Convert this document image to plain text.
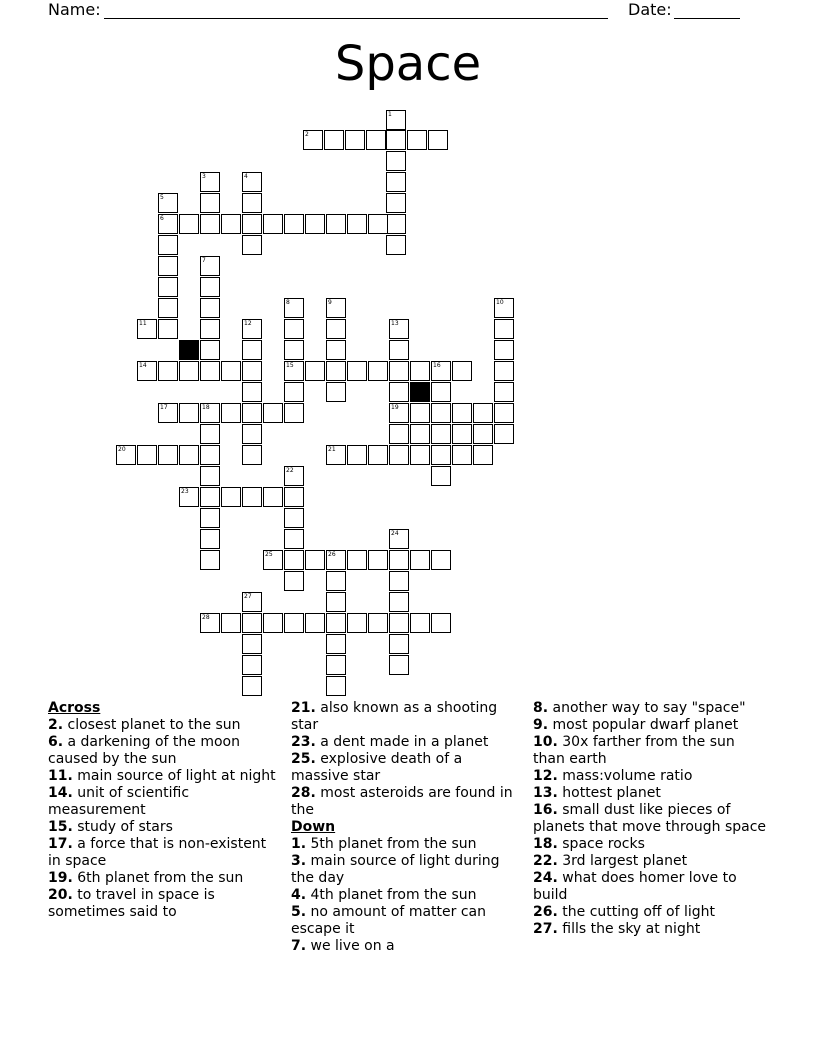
Name:	Date:
Space
1
2
3	4
5
6
7
8	9	10
11	12	13
14	15	16
17	18	19
20	21
22
23
24
25	26
27
28
Across
2. closest planet to the sun
6. a darkening of the moon caused by the sun
11. main source of light at night
14. unit of scientific measurement
15. study of stars
17. a force that is non-existent in space
19. 6th planet from the sun
20. to travel in space is sometimes said to
21. also known as a shooting star
23. a dent made in a planet
25. explosive death of a massive star
28. most asteroids are found in the
Down
1. 5th planet from the sun
3. main source of light during the day
4. 4th planet from the sun
5. no amount of matter can escape it
7. we live on a
8. another way to say "space"
9. most popular dwarf planet
10. 30x farther from the sun than earth
12. mass:volume ratio
13. hottest planet
16. small dust like pieces of planets that move through space
18. space rocks
22. 3rd largest planet
24. what does homer love to build
26. the cutting off of light
27. fills the sky at night
